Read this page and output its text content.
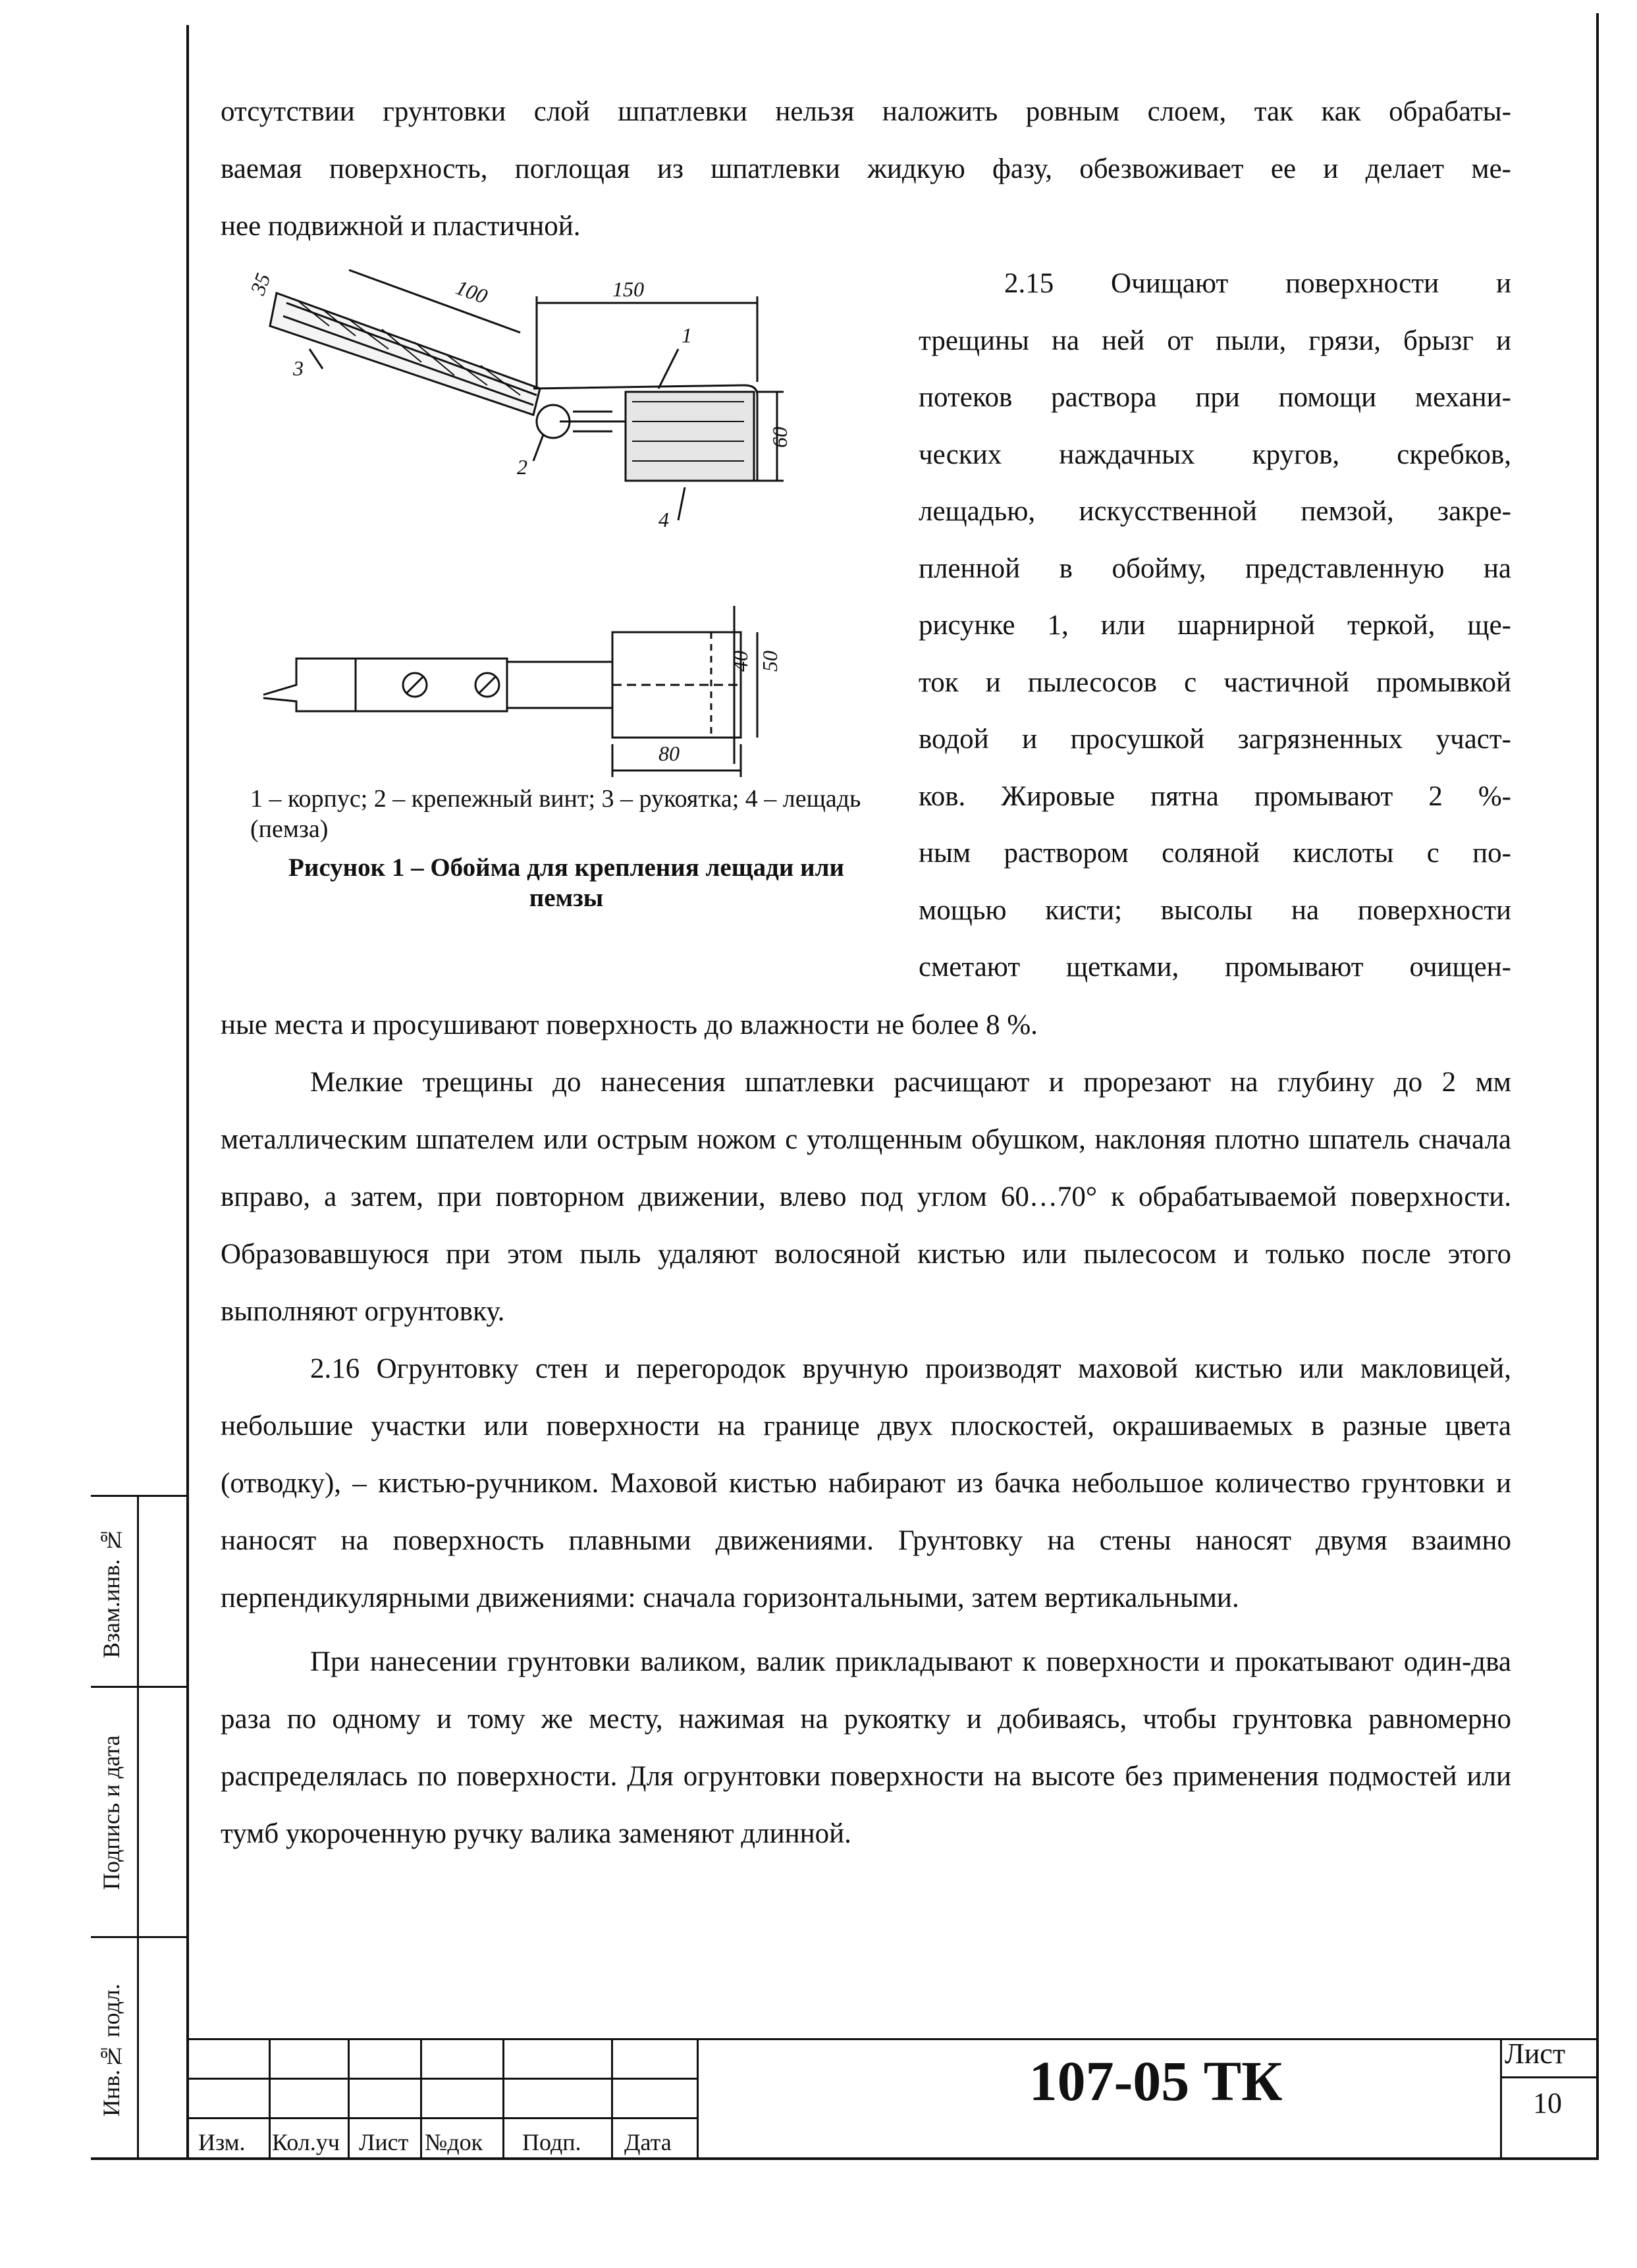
отсутствии грунтовки слой шпатлевки нельзя наложить ровным слоем, так как обрабаты-
ваемая поверхность, поглощая из шпатлевки жидкую фазу, обезвоживает ее и делает ме-
нее подвижной и пластичной.
100	150
35
60
1
2
3
4
40 50
80
1 – корпус; 2 – крепежный винт; 3 – рукоятка; 4 – лещадь (пемза)
Рисунок 1 – Обойма для крепления лещади или пемзы
2.15 Очищают поверхности и
трещины на ней от пыли, грязи, брызг и
потеков раствора при помощи механи-
ческих наждачных кругов, скребков,
лещадью, искусственной пемзой, закре-
пленной в обойму, представленную на
рисунке 1, или шарнирной теркой, ще-
ток и пылесосов с частичной промывкой
водой и просушкой загрязненных участ-
ков. Жировые пятна промывают 2 %-
ным раствором соляной кислоты с по-
мощью кисти; высолы на поверхности
сметают щетками, промывают очищен-

ные места и просушивают поверхность до влажности не более 8 %.

Мелкие трещины до нанесения шпатлевки расчищают и прорезают на глубину до 2 мм металлическим шпателем или острым ножом с утолщенным обушком, наклоняя плотно шпатель сначала вправо, а затем, при повторном движении, влево под углом 60…70° к обрабатываемой поверхности. Образовавшуюся при этом пыль удаляют волосяной кистью или пылесосом и только после этого выполняют огрунтовку.

2.16 Огрунтовку стен и перегородок вручную производят маховой кистью или макловицей, небольшие участки или поверхности на границе двух плоскостей, окрашиваемых в разные цвета (отводку), – кистью-ручником. Маховой кистью набирают из бачка небольшое количество грунтовки и наносят на поверхность плавными движениями. Грунтовку на стены наносят двумя взаимно перпендикулярными движениями: сначала горизонтальными, затем вертикальными.

При нанесении грунтовки валиком, валик прикладывают к поверхности и прокатывают один-два раза по одному и тому же месту, нажимая на рукоятку и добиваясь, чтобы грунтовка равномерно распределялась по поверхности. Для огрунтовки поверхности на высоте без применения подмостей или тумб укороченную ручку валика заменяют длинной.

Взам.инв. №
Подпись и дата
Инв.№ подл.
Изм. Кол.уч Лист №док Подп. Дата
107-05 ТК	Лист
10
